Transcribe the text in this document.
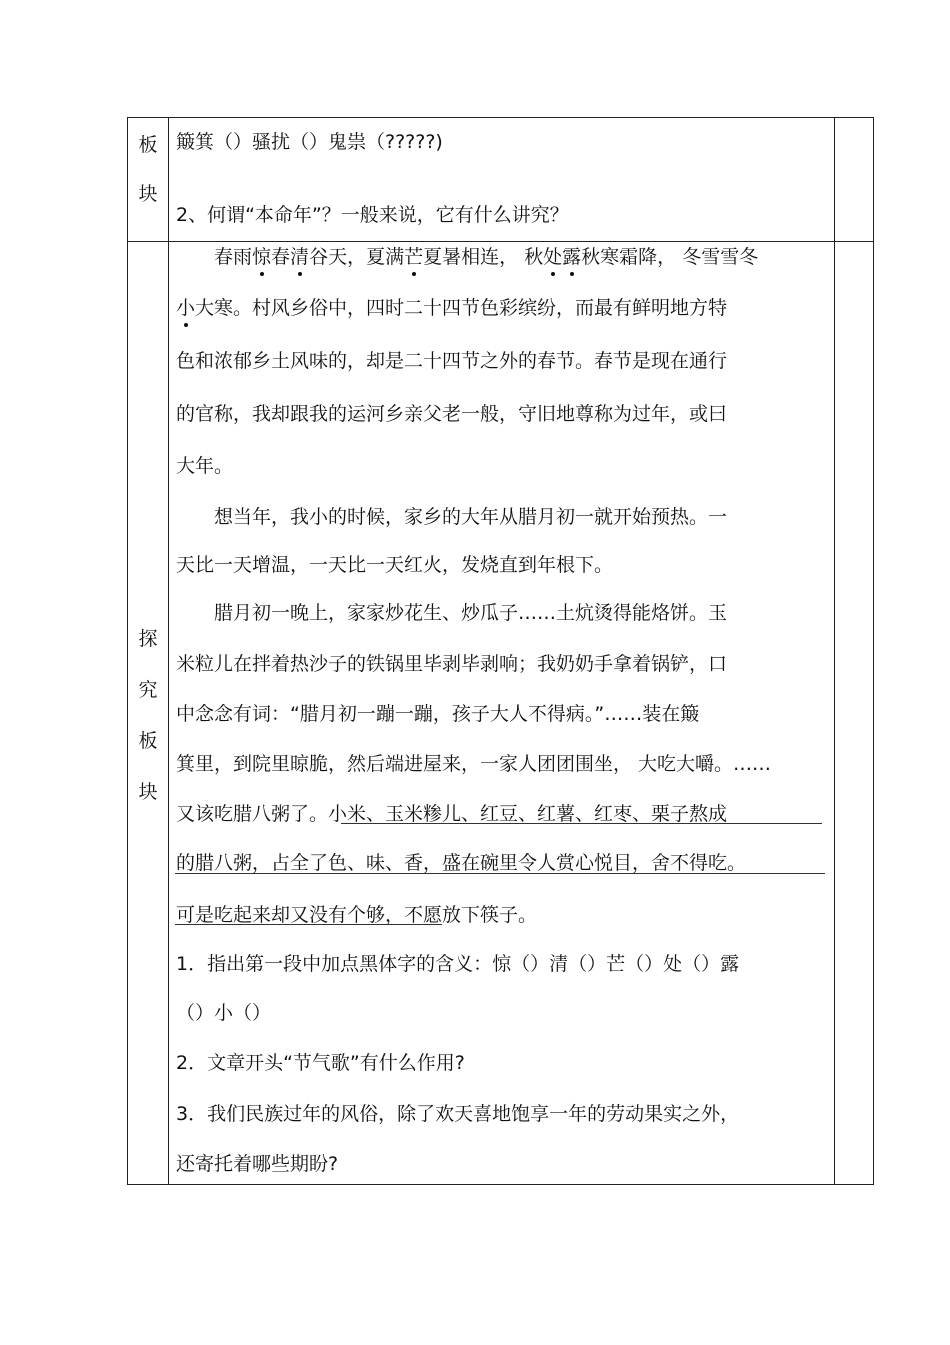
板
块
簸箕（）骚扰（）鬼祟（?????)
2、何谓“本命年”？一般来说，它有什么讲究？
探
究
板
块
　　春雨惊春清谷天，夏满芒夏暑相连， 秋处露秋寒霜降， 冬雪雪冬
小大寒。村风乡俗中，四时二十四节色彩缤纷，而最有鲜明地方特
色和浓郁乡土风味的，却是二十四节之外的春节。春节是现在通行
的官称，我却跟我的运河乡亲父老一般，守旧地尊称为过年，或曰
大年。
　　想当年，我小的时候，家乡的大年从腊月初一就开始预热。一
天比一天增温，一天比一天红火，发烧直到年根下。
　　腊月初一晚上，家家炒花生、炒瓜子……土炕烫得能烙饼。玉
米粒儿在拌着热沙子的铁锅里毕剥毕剥响；我奶奶手拿着锅铲，口
中念念有词：“腊月初一蹦一蹦，孩子大人不得病。”……装在簸
箕里，到院里晾脆，然后端进屋来，一家人团团围坐， 大吃大嚼。……
又该吃腊八粥了。小米、玉米糁儿、红豆、红薯、红枣、栗子熬成
的腊八粥，占全了色、味、香，盛在碗里令人赏心悦目，舍不得吃。
可是吃起来却又没有个够，不愿放下筷子。
1．指出第一段中加点黑体字的含义：惊（）清（）芒（）处（）露
（）小（）
2．文章开头“节气歌”有什么作用?
3．我们民族过年的风俗，除了欢天喜地饱享一年的劳动果实之外，
还寄托着哪些期盼?
